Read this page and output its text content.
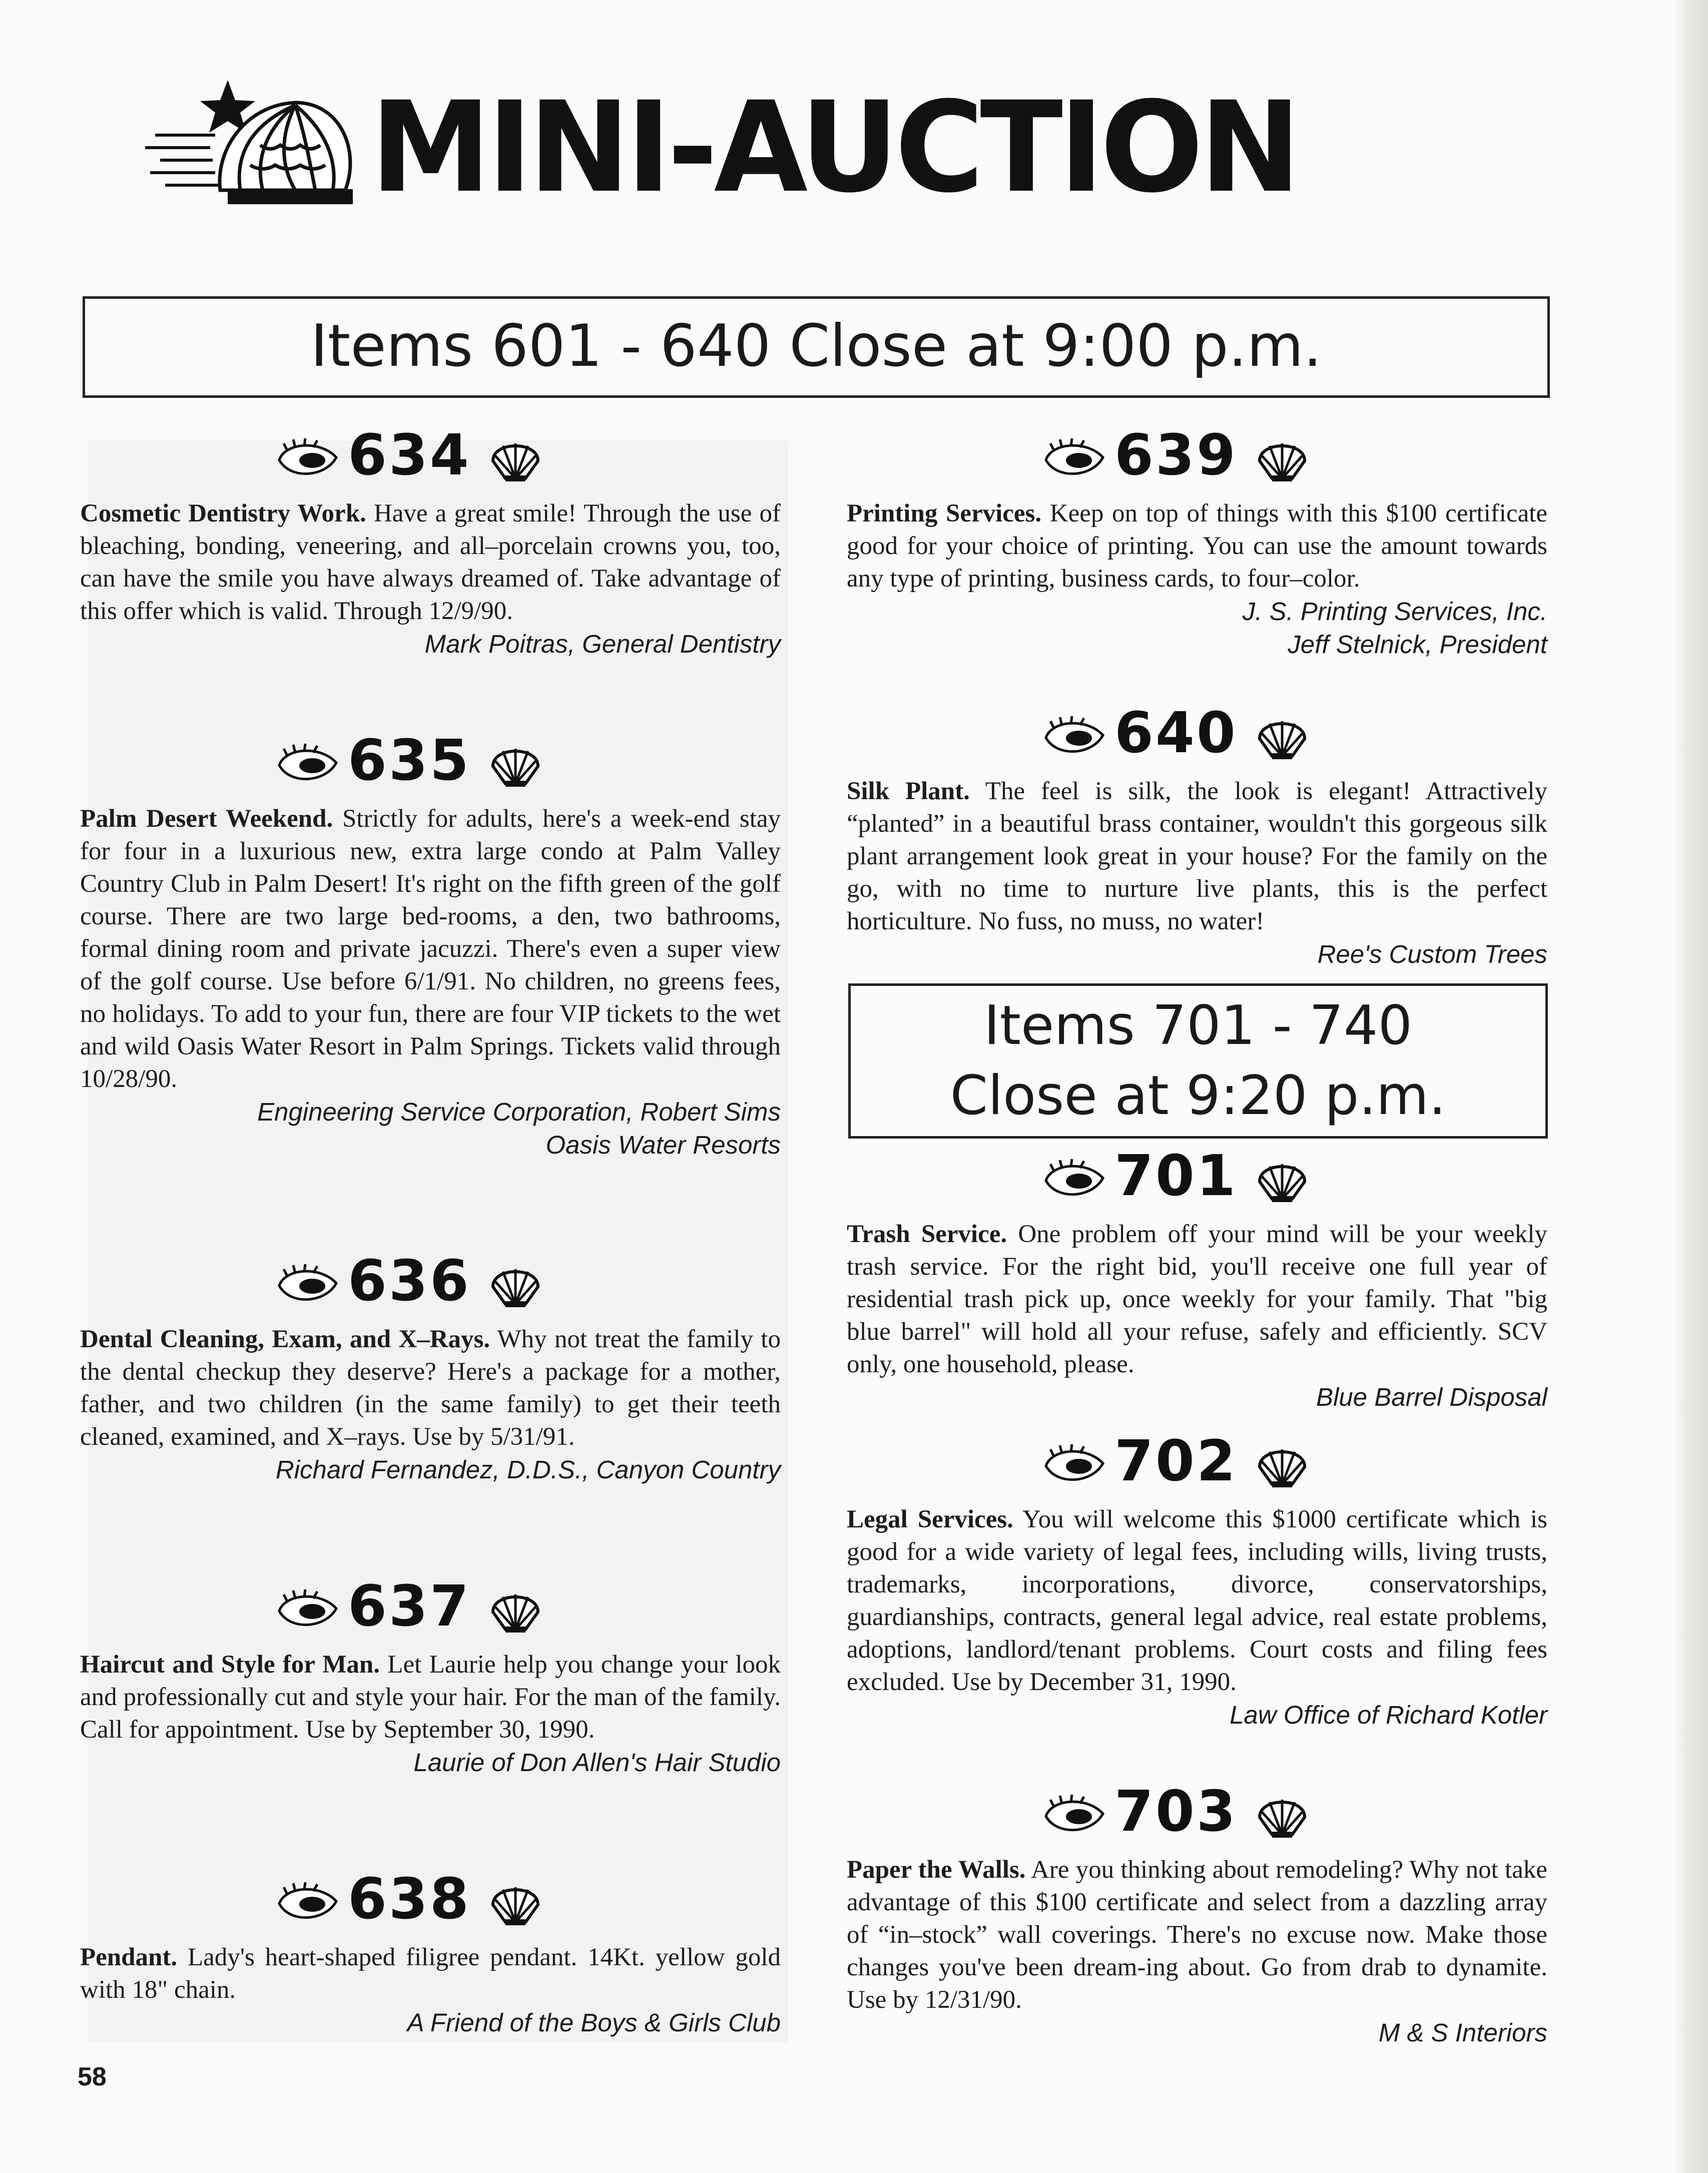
MINI-AUCTION
Items 601 - 640 Close at 9:00 p.m.
634

Cosmetic Dentistry Work. Have a great smile! Through the use of bleaching, bonding, veneering, and all–porcelain crowns you, too, can have the smile you have always dreamed of. Take advantage of this offer which is valid. Through 12/9/90.

Mark Poitras, General Dentistry
635

Palm Desert Weekend. Strictly for adults, here's a week-end stay for four in a luxurious new, extra large condo at Palm Valley Country Club in Palm Desert! It's right on the fifth green of the golf course. There are two large bed-rooms, a den, two bathrooms, formal dining room and private jacuzzi. There's even a super view of the golf course. Use before 6/1/91. No children, no greens fees, no holidays. To add to your fun, there are four VIP tickets to the wet and wild Oasis Water Resort in Palm Springs. Tickets valid through 10/28/90.

Engineering Service Corporation, Robert Sims
Oasis Water Resorts
636

Dental Cleaning, Exam, and X–Rays. Why not treat the family to the dental checkup they deserve? Here's a package for a mother, father, and two children (in the same family) to get their teeth cleaned, examined, and X–rays. Use by 5/31/91.

Richard Fernandez, D.D.S., Canyon Country
637

Haircut and Style for Man. Let Laurie help you change your look and professionally cut and style your hair. For the man of the family. Call for appointment. Use by September 30, 1990.

Laurie of Don Allen's Hair Studio
638

Pendant. Lady's heart-shaped filigree pendant. 14Kt. yellow gold with 18" chain.

A Friend of the Boys & Girls Club
639

Printing Services. Keep on top of things with this $100 certificate good for your choice of printing. You can use the amount towards any type of printing, business cards, to four–color.

J. S. Printing Services, Inc.
Jeff Stelnick, President
640

Silk Plant. The feel is silk, the look is elegant! Attractively “planted” in a beautiful brass container, wouldn't this gorgeous silk plant arrangement look great in your house? For the family on the go, with no time to nurture live plants, this is the perfect horticulture. No fuss, no muss, no water!

Ree's Custom Trees
701

Trash Service. One problem off your mind will be your weekly trash service. For the right bid, you'll receive one full year of residential trash pick up, once weekly for your family. That "big blue barrel" will hold all your refuse, safely and efficiently. SCV only, one household, please.

Blue Barrel Disposal
702

Legal Services. You will welcome this $1000 certificate which is good for a wide variety of legal fees, including wills, living trusts, trademarks, incorporations, divorce, conservatorships, guardianships, contracts, general legal advice, real estate problems, adoptions, landlord/tenant problems. Court costs and filing fees excluded. Use by December 31, 1990.

Law Office of Richard Kotler
703

Paper the Walls. Are you thinking about remodeling? Why not take advantage of this $100 certificate and select from a dazzling array of “in–stock” wall coverings. There's no excuse now. Make those changes you've been dream-ing about. Go from drab to dynamite. Use by 12/31/90.

M & S Interiors
Items 701 - 740
Close at 9:20 p.m.
58
